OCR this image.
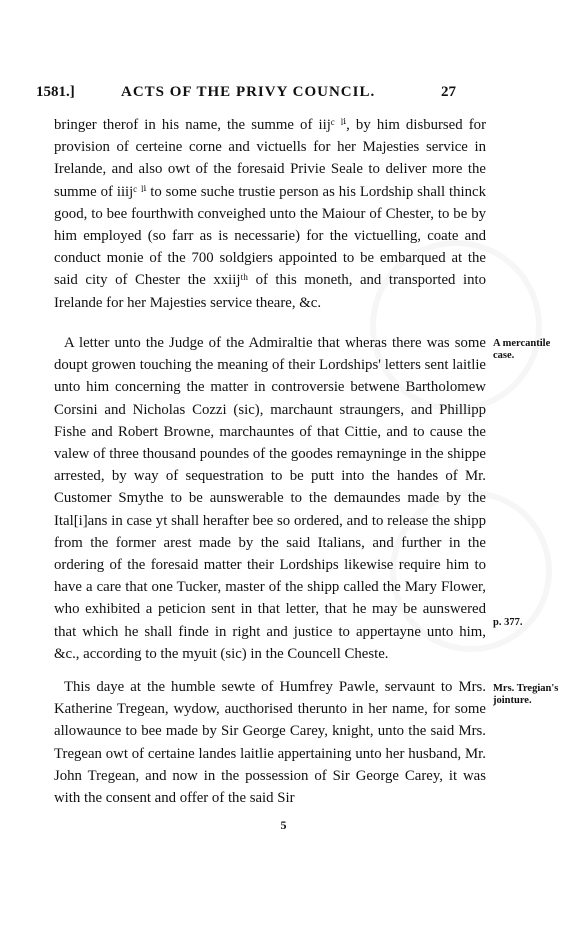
1581.]	ACTS OF THE PRIVY COUNCIL.	27

bringer therof in his name, the summe of iijᶜ ˡⁱ, by him disbursed for provision of certeine corne and victuells for her Majesties service in Irelande, and also owt of the foresaid Privie Seale to deliver more the summe of iiijᶜ ˡⁱ to some suche trustie person as his Lordship shall thinck good, to bee fourthwith conveighed unto the Maiour of Chester, to be by him employed (so farr as is necessarie) for the victuelling, coate and conduct monie of the 700 soldgiers appointed to be embarqued at the said city of Chester the xxiijᵗʰ of this moneth, and transported into Irelande for her Majesties service theare, &c.

A letter unto the Judge of the Admiraltie that wheras there was some doupt growen touching the meaning of their Lordships' letters sent laitlie unto him concerning the matter in controversie betwene Bartholomew Corsini and Nicholas Cozzi (sic), marchaunt straungers, and Phillipp Fishe and Robert Browne, marchauntes of that Cittie, and to cause the valew of three thousand poundes of the goodes remayninge in the shippe arrested, by way of sequestration to be putt into the handes of Mr. Customer Smythe to be aunswerable to the demaundes made by the Ital[i]ans in case yt shall herafter bee so ordered, and to release the shipp from the former arest made by the said Italians, and further in the ordering of the foresaid matter their Lordships likewise require him to have a care that one Tucker, master of the shipp called the Mary Flower, who exhibited a peticion sent in that letter, that he may be aunswered that which he shall finde in right and justice to appertayne unto him, &c., according to the myuit (sic) in the Councell Cheste.

This daye at the humble sewte of Humfrey Pawle, servaunt to Mrs. Katherine Tregean, wydow, aucthorised therunto in her name, for some allowaunce to bee made by Sir George Carey, knight, unto the said Mrs. Tregean owt of certaine landes laitlie appertaining unto her husband, Mr. John Tregean, and now in the possession of Sir George Carey, it was with the consent and offer of the said Sir

A mercantile case.
p. 377.
Mrs. Tregian's jointure.
5
